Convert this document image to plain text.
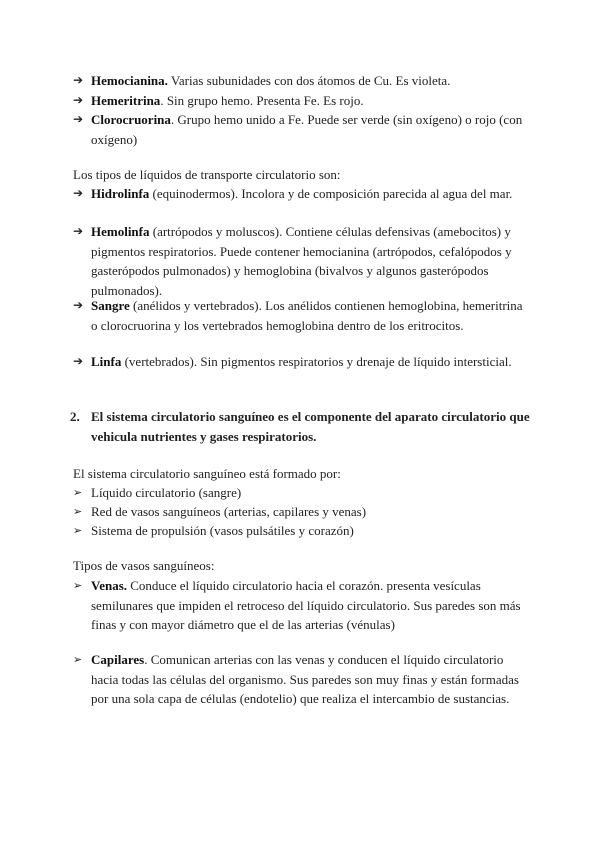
➔ Hemocianina. Varias subunidades con dos átomos de Cu. Es violeta.
➔ Hemeritrina. Sin grupo hemo. Presenta Fe. Es rojo.
➔ Clorocruorina. Grupo hemo unido a Fe. Puede ser verde (sin oxígeno) o rojo (con oxígeno)
Los tipos de líquidos de transporte circulatorio son:
➔ Hidrolinfa (equinodermos). Incolora y de composición parecida al agua del mar.
➔ Hemolinfa (artrópodos y moluscos). Contiene células defensivas (amebocitos) y pigmentos respiratorios. Puede contener hemocianina (artrópodos, cefalópodos y gasterópodos pulmonados) y hemoglobina (bivalvos y algunos gasterópodos pulmonados).
➔ Sangre (anélidos y vertebrados). Los anélidos contienen hemoglobina, hemeritrina o clorocruorina y los vertebrados hemoglobina dentro de los eritrocitos.
➔ Linfa (vertebrados). Sin pigmentos respiratorios y drenaje de líquido intersticial.
2. El sistema circulatorio sanguíneo es el componente del aparato circulatorio que vehicula nutrientes y gases respiratorios.
El sistema circulatorio sanguíneo está formado por:
➢ Líquido circulatorio (sangre)
➢ Red de vasos sanguíneos (arterias, capilares y venas)
➢ Sistema de propulsión (vasos pulsátiles y corazón)
Tipos de vasos sanguíneos:
➢ Venas. Conduce el líquido circulatorio hacia el corazón. presenta vesículas semilunares que impiden el retroceso del líquido circulatorio. Sus paredes son más finas y con mayor diámetro que el de las arterias (vénulas)
➢ Capilares. Comunican arterias con las venas y conducen el líquido circulatorio hacia todas las células del organismo. Sus paredes son muy finas y están formadas por una sola capa de células (endotelio) que realiza el intercambio de sustancias.
